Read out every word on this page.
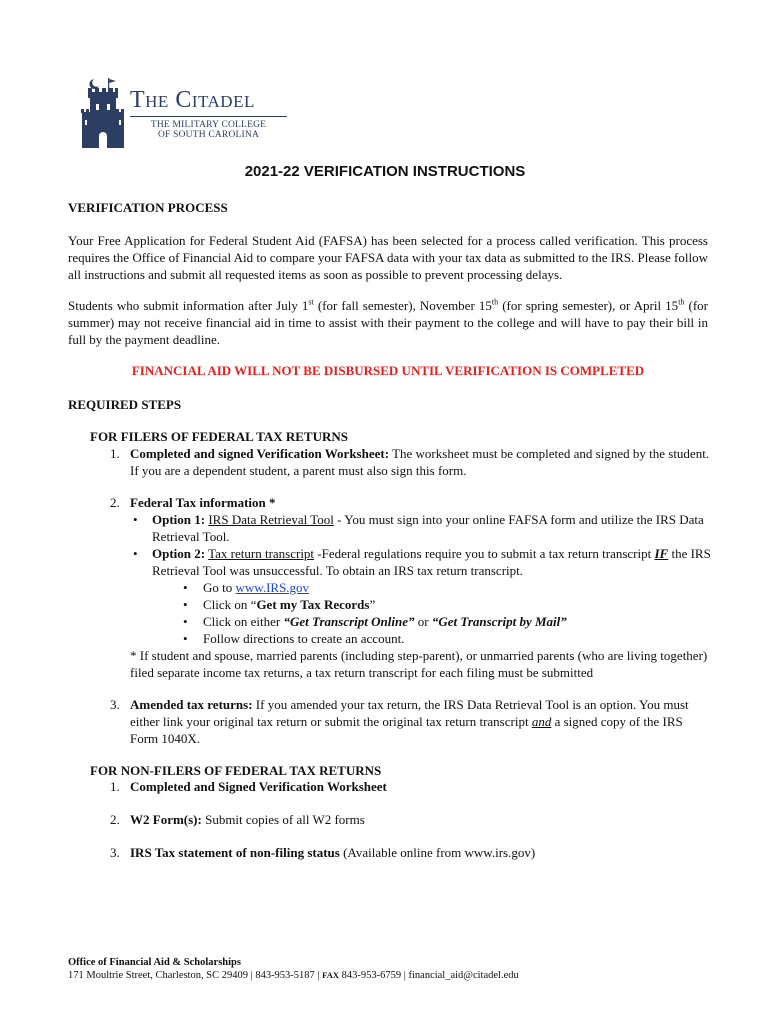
The Citadel
THE MILITARY COLLEGE
OF SOUTH CAROLINA
2021-22 VERIFICATION INSTRUCTIONS
VERIFICATION PROCESS
Your Free Application for Federal Student Aid (FAFSA) has been selected for a process called verification. This process requires the Office of Financial Aid to compare your FAFSA data with your tax data as submitted to the IRS. Please follow all instructions and submit all requested items as soon as possible to prevent processing delays.
Students who submit information after July 1st (for fall semester), November 15th (for spring semester), or April 15th (for summer) may not receive financial aid in time to assist with their payment to the college and will have to pay their bill in full by the payment deadline.
FINANCIAL AID WILL NOT BE DISBURSED UNTIL VERIFICATION IS COMPLETED
REQUIRED STEPS
FOR FILERS OF FEDERAL TAX RETURNS
1. Completed and signed Verification Worksheet: The worksheet must be completed and signed by the student. If you are a dependent student, a parent must also sign this form.
2. Federal Tax information *
• Option 1: IRS Data Retrieval Tool - You must sign into your online FAFSA form and utilize the IRS Data Retrieval Tool.
• Option 2: Tax return transcript -Federal regulations require you to submit a tax return transcript IF the IRS Retrieval Tool was unsuccessful. To obtain an IRS tax return transcript.
• Go to www.IRS.gov
• Click on “Get my Tax Records”
• Click on either “Get Transcript Online” or “Get Transcript by Mail”
• Follow directions to create an account.
* If student and spouse, married parents (including step-parent), or unmarried parents (who are living together) filed separate income tax returns, a tax return transcript for each filing must be submitted
3. Amended tax returns: If you amended your tax return, the IRS Data Retrieval Tool is an option. You must either link your original tax return or submit the original tax return transcript and a signed copy of the IRS Form 1040X.
FOR NON-FILERS OF FEDERAL TAX RETURNS
1. Completed and Signed Verification Worksheet
2. W2 Form(s): Submit copies of all W2 forms
3. IRS Tax statement of non-filing status (Available online from www.irs.gov)
Office of Financial Aid & Scholarships
171 Moultrie Street, Charleston, SC 29409 | 843-953-5187 | FAX 843-953-6759 | financial_aid@citadel.edu
